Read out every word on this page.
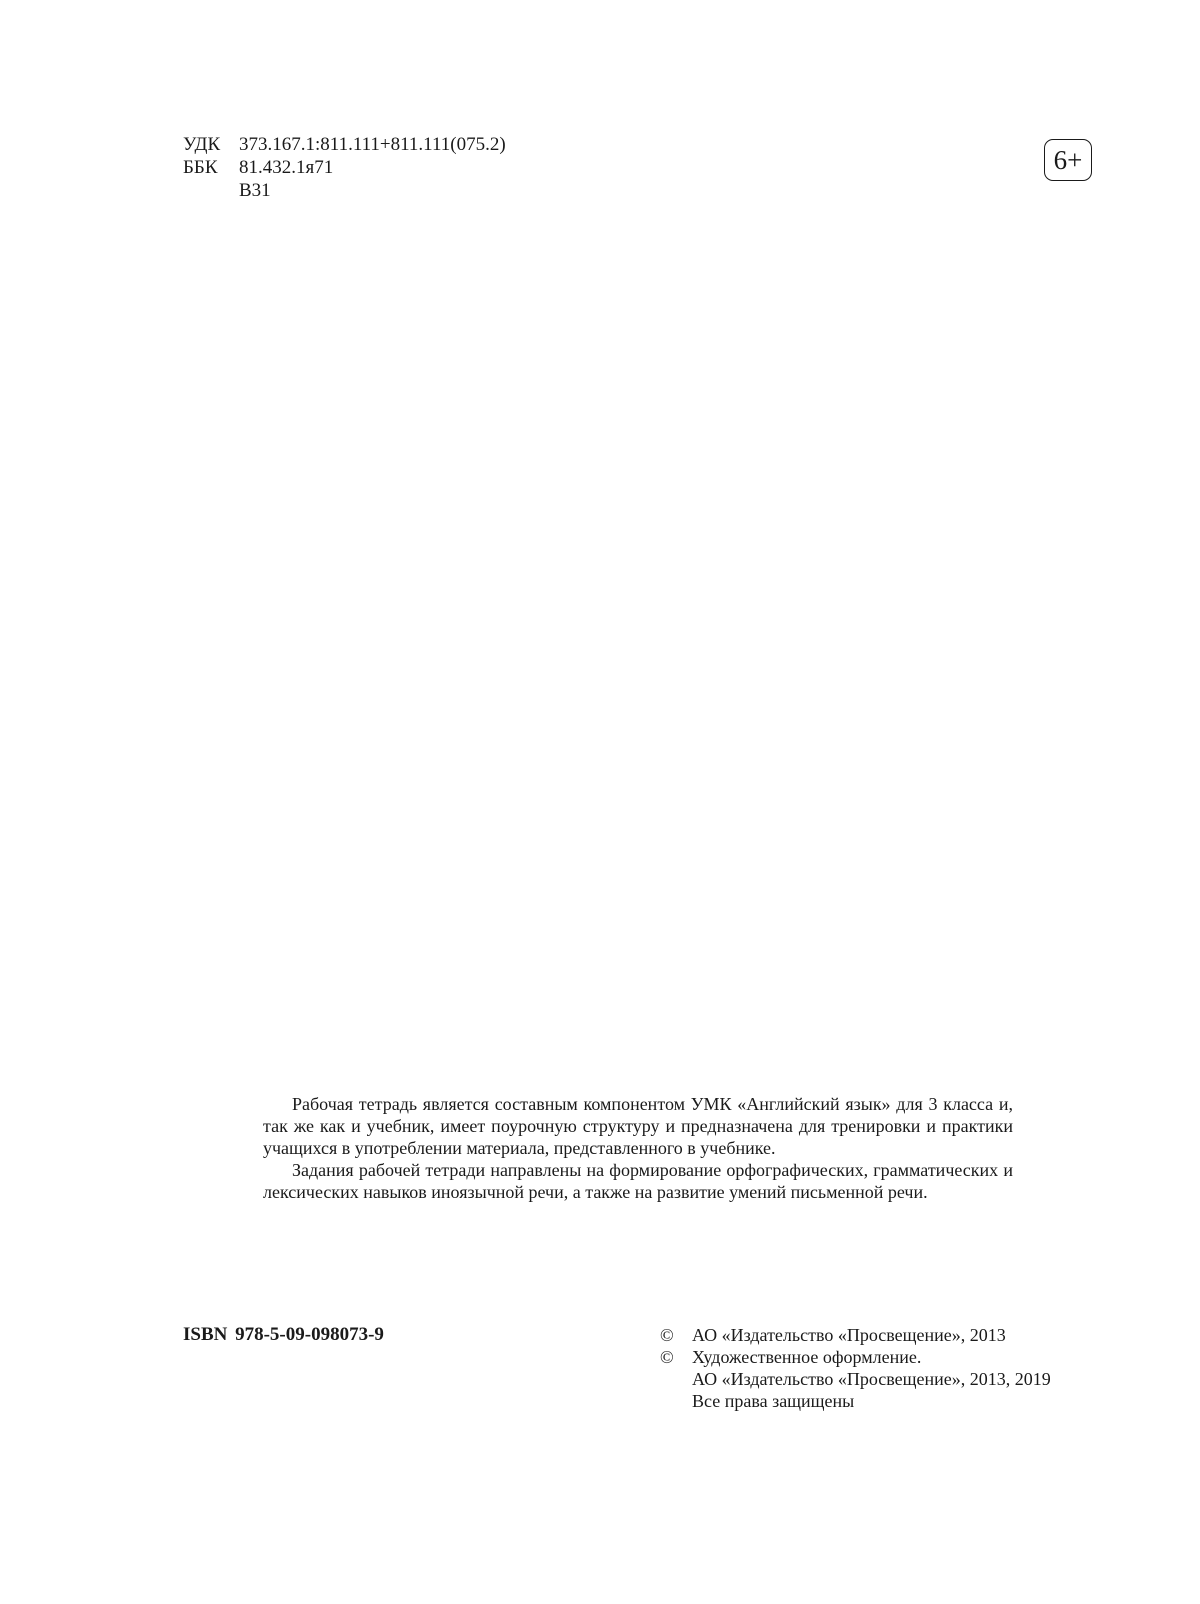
УДК 373.167.1:811.111+811.111(075.2)
ББК	81.432.1я71
В31
6+

Рабочая тетрадь является составным компонентом УМК «Английский язык» для 3 класса и, так же как и учебник, имеет поурочную структуру и предназначена для тренировки и практики учащихся в употреблении материала, представленного в учебнике.

Задания рабочей тетради направлены на формирование орфографических, грамматических и лексических навыков иноязычной речи, а также на развитие умений письменной речи.

ISBN 978-5-09-098073-9	©	АО «Издательство «Просвещение», 2013
©	Художественное оформление.
АО «Издательство «Просвещение», 2013, 2019
Все права защищены
